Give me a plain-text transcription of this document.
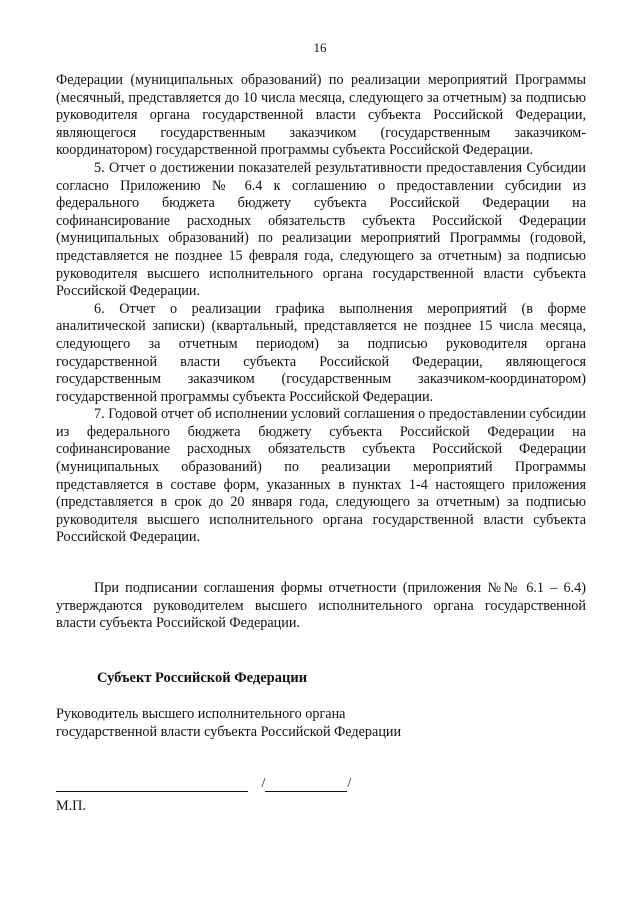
16

Федерации (муниципальных образований) по реализации мероприятий Программы (месячный, представляется до 10 числа месяца, следующего за отчетным) за подписью руководителя органа государственной власти субъекта Российской Федерации, являющегося государственным заказчиком (государственным заказчиком-координатором) государственной программы субъекта Российской Федерации.

5. Отчет о достижении показателей результативности предоставления Субсидии согласно Приложению № 6.4 к соглашению о предоставлении субсидии из федерального бюджета бюджету субъекта Российской Федерации на софинансирование расходных обязательств субъекта Российской Федерации (муниципальных образований) по реализации мероприятий Программы (годовой, представляется не позднее 15 февраля года, следующего за отчетным) за подписью руководителя высшего исполнительного органа государственной власти субъекта Российской Федерации.

6. Отчет о реализации графика выполнения мероприятий (в форме аналитической записки) (квартальный, представляется не позднее 15 числа месяца, следующего за отчетным периодом) за подписью руководителя органа государственной власти субъекта Российской Федерации, являющегося государственным заказчиком (государственным заказчиком-координатором) государственной программы субъекта Российской Федерации.

7. Годовой отчет об исполнении условий соглашения о предоставлении субсидии из федерального бюджета бюджету субъекта Российской Федерации на софинансирование расходных обязательств субъекта Российской Федерации (муниципальных образований) по реализации мероприятий Программы представляется в составе форм, указанных в пунктах 1-4 настоящего приложения (представляется в срок до 20 января года, следующего за отчетным) за подписью руководителя высшего исполнительного органа государственной власти субъекта Российской Федерации.

При подписании соглашения формы отчетности (приложения №№ 6.1 – 6.4) утверждаются руководителем высшего исполнительного органа государственной власти субъекта Российской Федерации.

Субъект Российской Федерации

Руководитель высшего исполнительного органа
государственной власти субъекта Российской Федерации

/	/

М.П.
